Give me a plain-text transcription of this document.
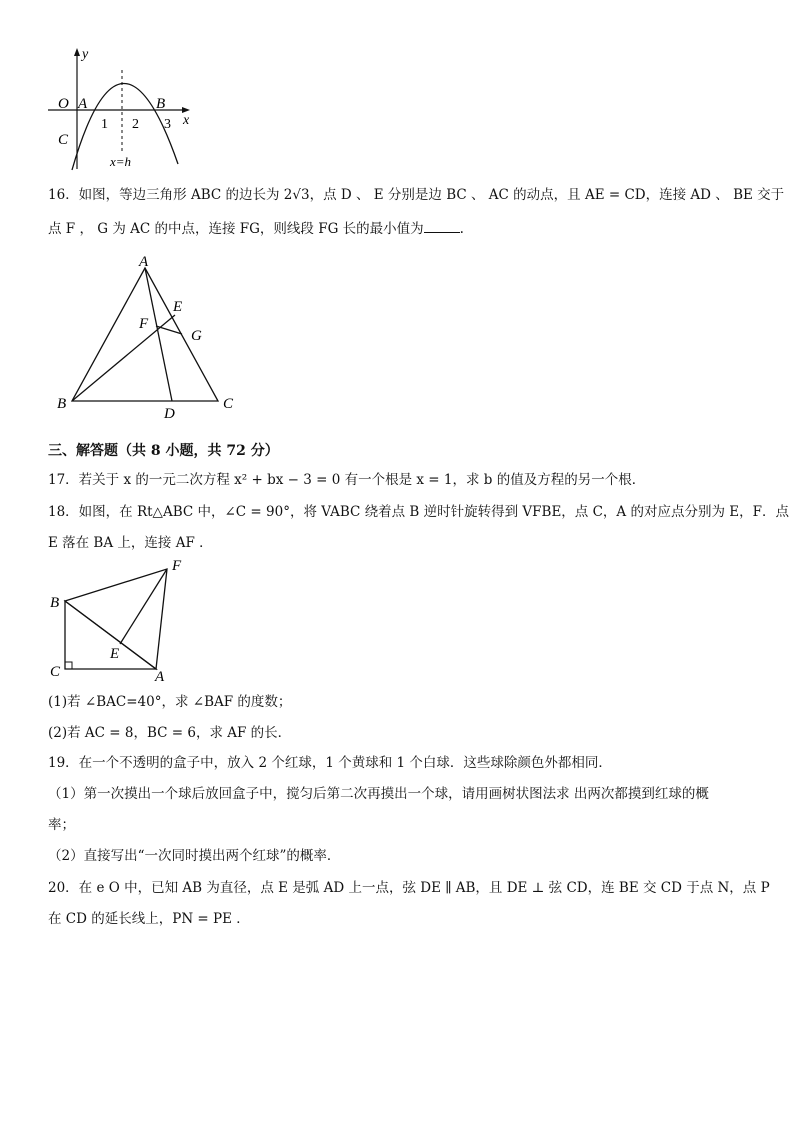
y
x
O A	B
C
1 2 3
x=h
16．如图，等边三角形 ABC 的边长为 2√3，点 D 、 E 分别是边 BC 、 AC 的动点，且 AE = CD，连接 AD 、 BE 交于
点 F ， G 为 AC 的中点，连接 FG，则线段 FG 长的最小值为	.
A
B	C
D
E
F
G
三、解答题（共 8 小题，共 72 分）
17．若关于 x 的一元二次方程 x² + bx − 3 = 0 有一个根是 x = 1，求 b 的值及方程的另一个根．
18．如图，在 Rt△ABC 中，∠C = 90°，将 VABC 绕着点 B 逆时针旋转得到 VFBE，点 C，A 的对应点分别为 E，F．点
E 落在 BA 上，连接 AF ．
B
C
E
A
F
(1)若 ∠BAC=40°，求 ∠BAF 的度数；
(2)若 AC = 8，BC = 6，求 AF 的长．
19．在一个不透明的盒子中，放入 2 个红球，1 个黄球和 1 个白球．这些球除颜色外都相同．
（1）第一次摸出一个球后放回盒子中，搅匀后第二次再摸出一个球，请用画树状图法求 出两次都摸到红球的概
率；
（2）直接写出“一次同时摸出两个红球”的概率．
20．在 e O 中，已知 AB 为直径，点 E 是弧 AD 上一点，弦 DE ∥ AB，且 DE ⊥ 弦 CD，连 BE 交 CD 于点 N，点 P
在 CD 的延长线上，PN = PE ．
